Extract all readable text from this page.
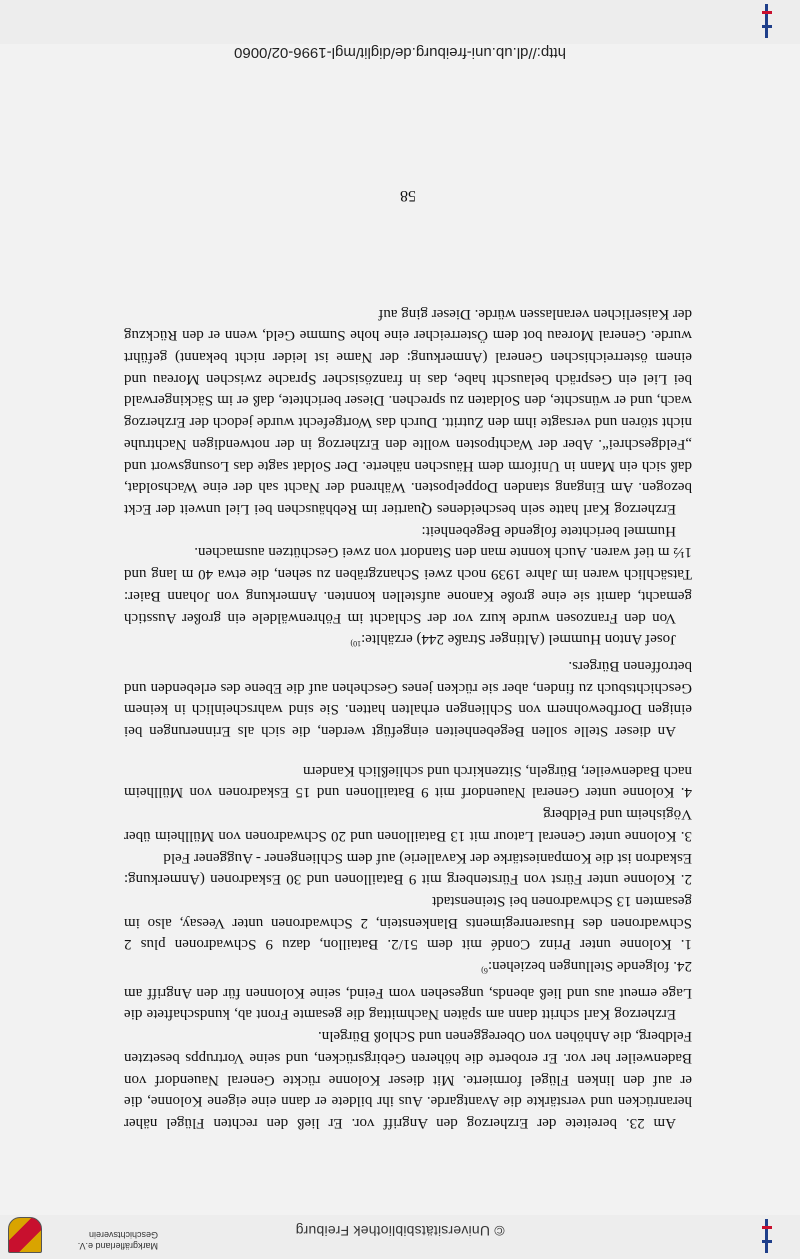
© Universitätsbibliothek Freiburg
Markgräflerland e.V.
Geschichtsverein

Am 23. bereitete der Erzherzog den Angriff vor. Er ließ den rechten Flügel näher heranrücken und verstärkte die Avantgarde. Aus ihr bildete er dann eine eigene Kolonne, die er auf den linken Flügel formierte. Mit dieser Kolonne rückte General Nauendorf von Badenweiler her vor. Er eroberte die höheren Gebirgsrücken, und seine Vortrupps besetzten Feldberg, die Anhöhen von Obereggenen und Schloß Bürgeln.

Erzherzog Karl schritt dann am späten Nachmittag die gesamte Front ab, kundschaftete die Lage erneut aus und ließ abends, ungesehen vom Feind, seine Kolonnen für den Angriff am 24. folgende Stellungen beziehen:$^{6)}$

1. Kolonne unter Prinz Condé mit dem 51/2. Bataillon, dazu 9 Schwadronen plus 2 Schwadronen des Husarenregiments Blankenstein, 2 Schwadronen unter Veesay, also im gesamten 13 Schwadronen bei Steinenstadt

2. Kolonne unter Fürst von Fürstenberg mit 9 Bataillonen und 30 Eskadronen (Anmerkung: Eskadron ist die Kompaniestärke der Kavallerie) auf dem Schliengener - Auggener Feld

3. Kolonne unter General Latour mit 13 Bataillonen und 20 Schwadronen von Müllheim über Vögisheim und Feldberg

4. Kolonne unter General Nauendorf mit 9 Bataillonen und 15 Eskadronen von Müllheim nach Badenweiler, Bürgeln, Sitzenkirch und schließlich Kandern

An dieser Stelle sollen Begebenheiten eingefügt werden, die sich als Erinnerungen bei einigen Dorfbewohnern von Schliengen erhalten hatten. Sie sind wahrscheinlich in keinem Geschichtsbuch zu finden, aber sie rücken jenes Geschehen auf die Ebene des erlebenden und betroffenen Bürgers.

Josef Anton Hummel (Altinger Straße 244) erzählte:$^{10)}$

Von den Franzosen wurde kurz vor der Schlacht im Föhrenwäldele ein großer Ausstich gemacht, damit sie eine große Kanone aufstellen konnten. Anmerkung von Johann Baier: Tatsächlich waren im Jahre 1939 noch zwei Schanzgräben zu sehen, die etwa 40 m lang und 1½ m tief waren. Auch konnte man den Standort von zwei Geschützen ausmachen.

Hummel berichtete folgende Begebenheit:

Erzherzog Karl hatte sein bescheidenes Quartier im Rebhäuschen bei Liel unweit der Eckt bezogen. Am Eingang standen Doppelposten. Während der Nacht sah der eine Wachsoldat, daß sich ein Mann in Uniform dem Häuschen näherte. Der Soldat sagte das Losungswort und „Feldgeschrei“. Aber der Wachtposten wollte den Erzherzog in der notwendigen Nachtruhe nicht stören und versagte ihm den Zutritt. Durch das Wortgefecht wurde jedoch der Erzherzog wach, und er wünschte, den Soldaten zu sprechen. Dieser berichtete, daß er im Säckingerwald bei Liel ein Gespräch belauscht habe, das in französischer Sprache zwischen Moreau und einem österreichischen General (Anmerkung: der Name ist leider nicht bekannt) geführt wurde. General Moreau bot dem Österreicher eine hohe Summe Geld, wenn er den Rückzug der Kaiserlichen veranlassen würde. Dieser ging auf

58
http://dl.ub.uni-freiburg.de/diglit/mgl-1996-02/0060
